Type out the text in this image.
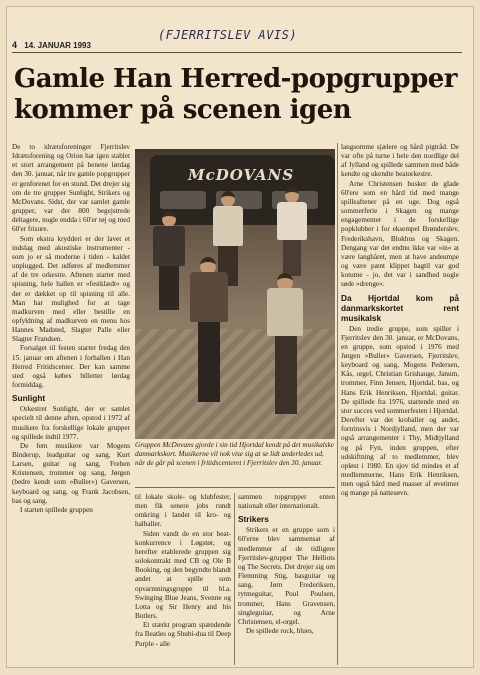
4 14. JANUAR 1993
(FJERRITSLEV AVIS)
Gamle Han Herred-popgrupper
kommer på scenen igen

De to idrætsforeninger Fjerritslev Idrætsforening og Orion har igen stablet et stort arrangement på benene lørdag den 30. januar, når tre gamle popgrupper er genforenet for en stund. Det drejer sig om de tre grupper Sunlight, Strikers og McDovans. Sidst, der var samlet gamle grupper, var der 800 begejstrede deltagere, nogle endda i 60'er tøj og med 60'er frisure.

Som ekstra krydderi er der lavet et indslag med akustiske instrumenter - som jo er så moderne i tiden - kaldet unplugged. Det udføres af medlemmer af de tre orkestre. Aftenen starter med spisning, hele hallen er »festklædt« og der er dækket op til spisning til alle. Man har mulighed for at tage madkurven med eller bestille en opfyldning af madkurven en menu hos Hannes Madsted, Slagter Palle eller Slagter Frandsen.

Forsalget til festen starter fredag den 15. januar om aftenen i forhallen i Han Herred Fritidscenter. Der kan samme sted også købes billetter lørdag formiddag.

Sunlight

Orkestret Sunlight, der er samlet specielt til denne aften, opstod i 1972 af musikere fra forskellige lokale grupper og spillede indtil 1977.

De fem musikere var Mogens Binderup, leadguitar og sang, Kurt Larsen, guitar og sang, Freben Kristensen, trommer og sang, Jørgen (bedre kendt som »Buller«) Gaversen, keyboard og sang, og Frank Jacobsen, bas og sang.

I starten spillede gruppen

McDOVANS
Gruppen McDovans gjorde i sin tid Hjortdal kendt på det musikalske danmarkskort. Musikerne vil nok vise sig at se lidt anderledes ud, når de går på scenen i fritidscenteret i Fjerritslev den 30. januar.

til lokale skole- og klubfester, men fik senere jobs rundt omkring i landet til kro- og halballer.

Siden vandt de en stor beat-konkurrence i Løgstør, og herefter etablerede gruppen sig solokontrakt med CB og Ole B Booking, og den begyndte blandt andet at spille som opvarmningsgruppe til bl.a. Swinging Blue Jeans, Svenne og Lotta og Sir Henry and his Butlers.

Et stærkt program spændende fra Beatles og Shubi-dua til Deep Purple - alle

sammen topgrupper enten nationalt eller internationalt.

Strikers

Strikers er en gruppe som i 60'erne blev sammensat af medlemmer af de tidligere Fjerritslev-grupper The Helliots og The Secrets. Det drejer sig om Flemming Stig, basguitar og sang, Jørn Frederiksen, rytmeguitar, Poul Poulsen, trommer, Hans Gravensen, singleguitar, og Arne Christensen, el-orgel.

De spillede rock, blues,

langsomme sjælere og hård pigtråd. De var ofte på turne i hele den nordlige del af Jylland og spillede sammen med både kendte og ukendte beatorkestre.

Arne Christensen husker de glade 60'ere som en hård tid med mange spilleaftener på en uge. Dog også sommerferie i Skagen og mange engagementer i de forskellige popklubber i for eksempel Brønderslev, Frederikshavn, Blokhus og Skagen. Dengang var det endnu ikke var »in« at være langhåret, men at have andeumpe og være pænt klippet bagtil var god kotume - jo, det var i sandhed nogle søde »drenge«.

Da Hjortdal kom på danmarkskortet rent musikalsk

Den tredie gruppe, som spiller i Fjerritslev den 30. januar, er McDovans, en gruppe, som opstod i 1976 med Jørgen »Buller« Gaversen, Fjerritslev, keyboard og sang, Mogens Pedersen, Kås, orgel, Christian Grishauge, Janum, trommer, Finn Jensen, Hjortdal, bas, og Hans Erik Henriksen, Hjortdal, guitar. De spillede fra 1976, startende med en stor succes ved sommerfesten i Hjortdal. Derefter var det kroballer og andet, fortrinsvis i Nordjylland, men der var også arrangementer i Thy, Midtjylland og på Fyn, inden gruppen, efter udskiftning af to medlemmer, blev opløst i 1980. En sjov tid mindes et af medlemmerne, Hans Erik Henriksen, men også hård med masser af øvetimer og mange på nattesøvn.
